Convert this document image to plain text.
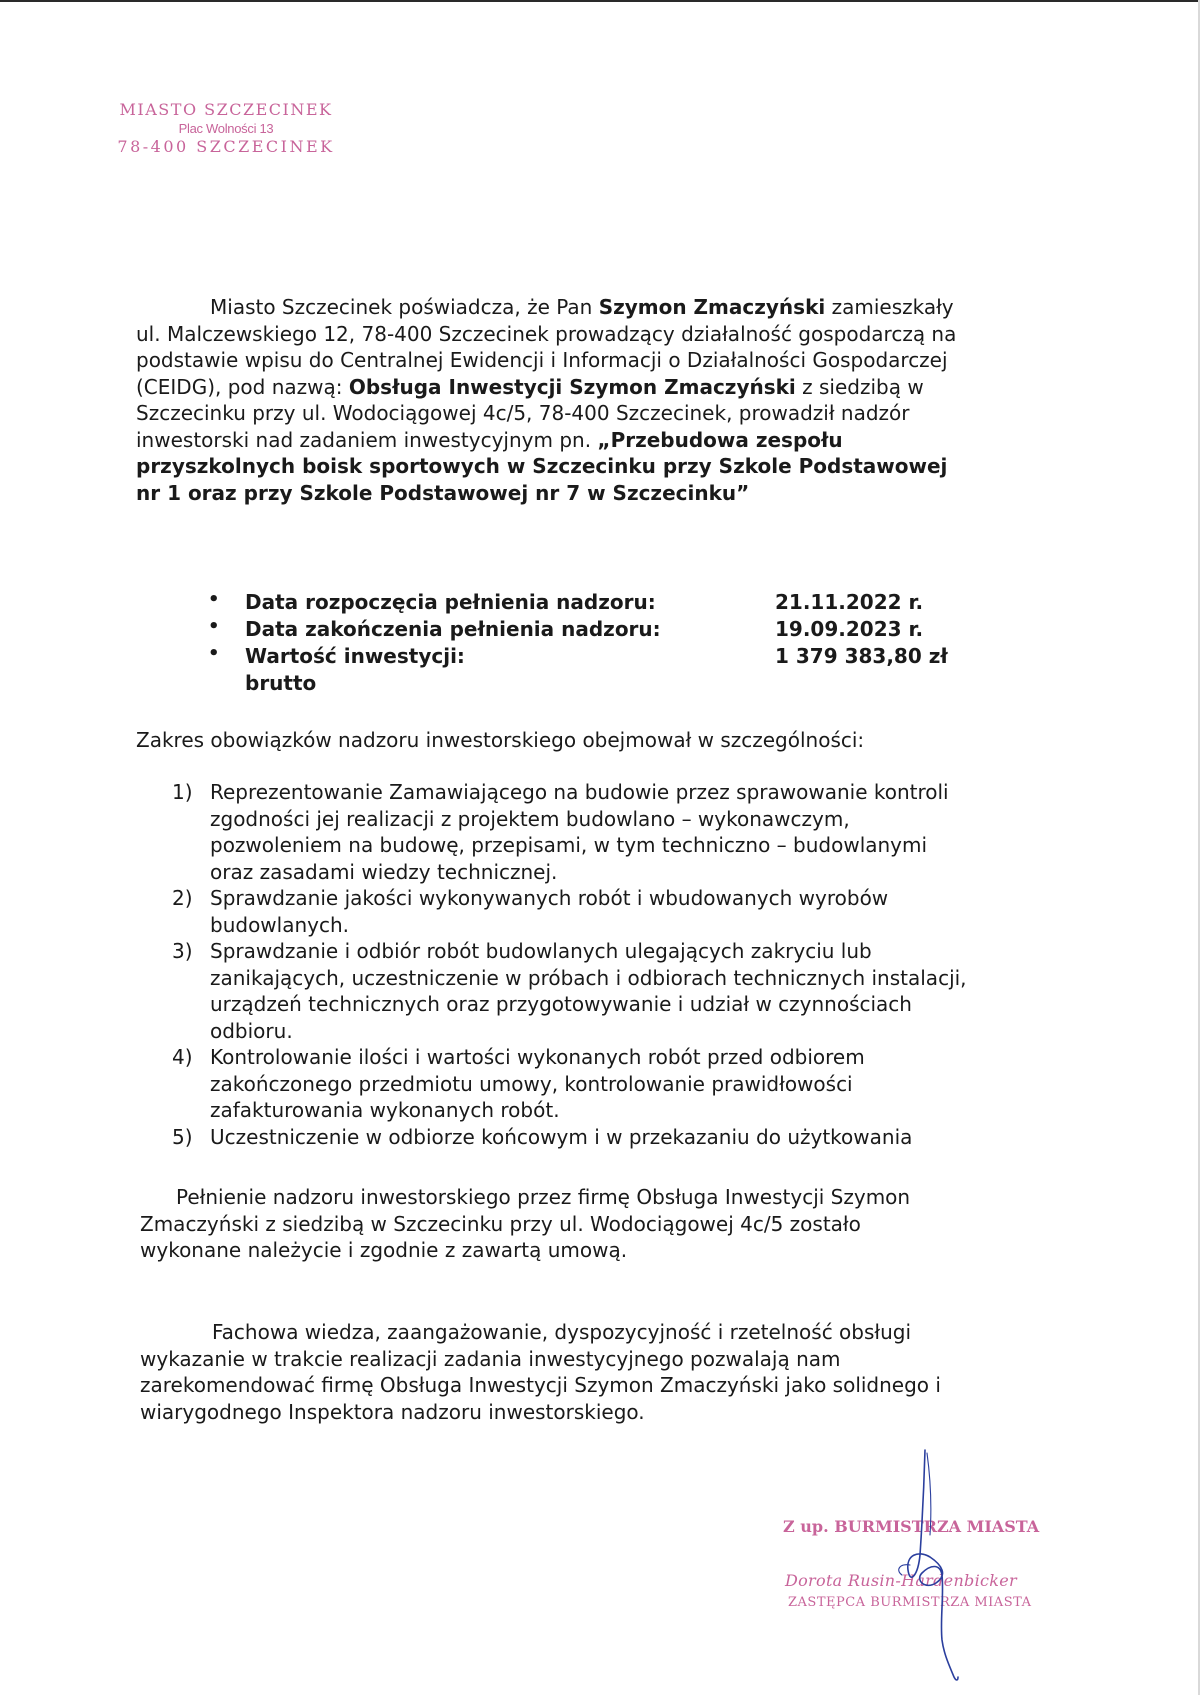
MIASTO SZCZECINEK
Plac Wolności 13
78-400 SZCZECINEK
Miasto Szczecinek poświadcza, że Pan Szymon Zmaczyński zamieszkały
ul. Malczewskiego 12, 78-400 Szczecinek prowadzący działalność gospodarczą na
podstawie wpisu do Centralnej Ewidencji i Informacji o Działalności Gospodarczej
(CEIDG), pod nazwą: Obsługa Inwestycji Szymon Zmaczyński z siedzibą w
Szczecinku przy ul. Wodociągowej 4c/5, 78-400 Szczecinek, prowadził nadzór
inwestorski nad zadaniem inwestycyjnym pn. „Przebudowa zespołu
przyszkolnych boisk sportowych w Szczecinku przy Szkole Podstawowej
nr 1 oraz przy Szkole Podstawowej nr 7 w Szczecinku”
• Data rozpoczęcia pełnienia nadzoru:	21.11.2022 r.
• Data zakończenia pełnienia nadzoru:	19.09.2023 r.
• Wartość inwestycji:	1 379 383,80 zł
brutto
Zakres obowiązków nadzoru inwestorskiego obejmował w szczególności:
1) Reprezentowanie Zamawiającego na budowie przez sprawowanie kontroli
zgodności jej realizacji z projektem budowlano – wykonawczym,
pozwoleniem na budowę, przepisami, w tym techniczno – budowlanymi
oraz zasadami wiedzy technicznej.
2) Sprawdzanie jakości wykonywanych robót i wbudowanych wyrobów
budowlanych.
3) Sprawdzanie i odbiór robót budowlanych ulegających zakryciu lub
zanikających, uczestniczenie w próbach i odbiorach technicznych instalacji,
urządzeń technicznych oraz przygotowywanie i udział w czynnościach
odbioru.
4) Kontrolowanie ilości i wartości wykonanych robót przed odbiorem
zakończonego przedmiotu umowy, kontrolowanie prawidłowości
zafakturowania wykonanych robót.
5) Uczestniczenie w odbiorze końcowym i w przekazaniu do użytkowania
Pełnienie nadzoru inwestorskiego przez firmę Obsługa Inwestycji Szymon
Zmaczyński z siedzibą w Szczecinku przy ul. Wodociągowej 4c/5 zostało
wykonane należycie i zgodnie z zawartą umową.
Fachowa wiedza, zaangażowanie, dyspozycyjność i rzetelność obsługi
wykazanie w trakcie realizacji zadania inwestycyjnego pozwalają nam
zarekomendować firmę Obsługa Inwestycji Szymon Zmaczyński jako solidnego i
wiarygodnego Inspektora nadzoru inwestorskiego.
Z up. BURMISTRZA MIASTA
Dorota Rusin-Hardenbicker
ZASTĘPCA BURMISTRZA MIASTA
